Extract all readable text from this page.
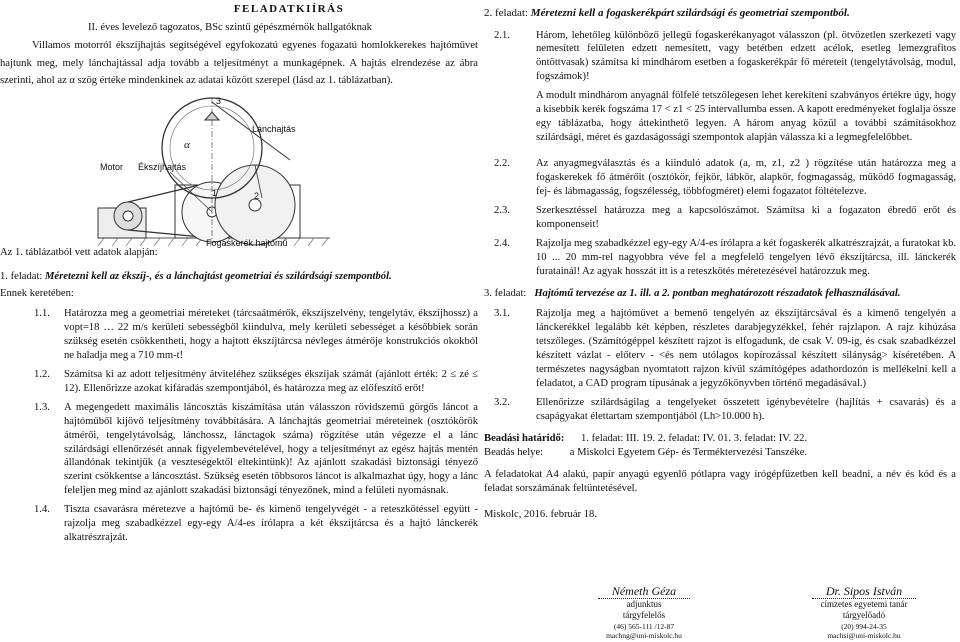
FELADATKIÍRÁS

II. éves levelező tagozatos, BSc szintű gépészmérnök hallgatóknak

Villamos motorról ékszíjhajtás segítségével egyfokozatú egyenes fogazatú homlokkerekes hajtóművet hajtunk meg, mely lánchajtással adja tovább a teljesítményt a munkagépnek. A hajtás elrendezése az ábra szerinti, ahol az α szög értéke mindenkinek az adatai között szerepel (lásd az 1. táblázatban).

3
α
Lánchajtás
Motor Ékszíjhajtás
1	2
Fogaskerék hajtómű

Az 1. táblázatból vett adatok alapján:

1. feladat: Méretezni kell az ékszíj-, és a lánchajtást geometriai és szilárdsági szempontból.

Ennek keretében:

1.1.	Határozza meg a geometriai méreteket (tárcsaátmérők, ékszíjszelvény, tengelytáv, ékszíjhossz) a vopt=18 … 22 m/s kerületi sebességből kiindulva, mely kerületi sebességet a későbbiek során szükség esetén csökkentheti, hogy a hajtott ékszíjtárcsa névleges átmérője konstrukciós okokból ne haladja meg a 710 mm-t!
1.2.	Számítsa ki az adott teljesítmény átviteléhez szükséges ékszíjak számát (ajánlott érték: 2 ≤ zé ≤ 12). Ellenőrizze azokat kifáradás szempontjából, és határozza meg az előfeszítő erőt!
1.3.	A megengedett maximális láncosztás kiszámítása után válasszon rövidszemű görgős láncot a hajtóműből kijövő teljesítmény továbbítására. A lánchajtás geometriai méreteinek (osztókörök átmérői, tengelytávolság, lánchossz, lánctagok száma) rögzítése után végezze el a lánc szilárdsági ellenőrzését annak figyelembevételével, hogy a teljesítményt az egész hajtás mentén állandónak tekintjük (a veszteségektől eltekintünk)! Az ajánlott szakadási biztonsági tényező szerint csökkentse a láncosztást. Szükség esetén többsoros láncot is alkalmazhat úgy, hogy a lánc feleljen meg mind az ajánlott szakadási biztonsági tényezőnek, mind a felületi nyomásnak.
1.4.	Tiszta csavarásra méretezve a hajtómű be- és kimenő tengelyvégét - a reteszkötéssel együtt - rajzolja meg szabadkézzel egy-egy A/4-es írólapra a két ékszíjtárcsa és a hajtó lánckerék alkatrészrajzát.

2. feladat: Méretezni kell a fogaskerékpárt szilárdsági és geometriai szempontból.

2.1.	Három, lehetőleg különböző jellegű fogaskerékanyagot válasszon (pl. ötvözetlen szerkezeti vagy nemesített felületen edzett nemesített, vagy betétben edzett acélok, esetleg lemezgrafitos öntöttvasak) számítsa ki mindhárom esetben a fogaskerékpár fő méreteit (tengelytávolság, modul, fogszámok)!
A modult mindhárom anyagnál fölfelé tetszőlegesen lehet kerekíteni szabványos értékre úgy, hogy a kisebbik kerék fogszáma 17 < z1 < 25 intervallumba essen. A kapott eredményeket foglalja össze egy táblázatba, hogy áttekinthető legyen. A három anyag közül a további számításokhoz szilárdsági, méret és gazdaságossági szempontok alapján válassza ki a legmegfelelőbbet.
2.2.	Az anyagmegválasztás és a kiinduló adatok (a, m, z1, z2 ) rögzítése után határozza meg a fogaskerekek fő átmérőit (osztókör, fejkör, lábkör, alapkör, fogmagasság, működő fogmagasság, fej- és lábmagasság, fogszélesség, többfogméret) elemi fogazatot föltételezve.
2.3.	Szerkesztéssel határozza meg a kapcsolószámot. Számítsa ki a fogazaton ébredő erőt és komponenseit!
2.4.	Rajzolja meg szabadkézzel egy-egy A/4-es írólapra a két fogaskerék alkatrészrajzát, a furatokat kb. 10 ... 20 mm-rel nagyobbra véve fel a megfelelő tengelyen lévő ékszíjtárcsa, ill. lánckerék furatainál! Az agyak hosszát itt is a reteszkötés méretezésével határozzuk meg.

3. feladat: Hajtómű tervezése az 1. ill. a 2. pontban meghatározott részadatok felhasználásával.

3.1.	Rajzolja meg a hajtóművet a bemenő tengelyén az ékszíjtárcsával és a kimenő tengelyén a lánckerékkel legalább két képben, részletes darabjegyzékkel, fehér rajzlapon. A rajz kihúzása tetszőleges. (Számítógéppel készített rajzot is elfogadunk, de csak V. 09-ig, és csak szabadkézzel készített vázlat - előterv - <és nem utólagos kopírozással készített silányság> kíséretében. A természetes nagyságban nyomtatott rajzon kívül számítógépes adathordozón is mellékelni kell a feladatot, a CAD program típusának a jegyzőkönyvben történő megadásával.)
3.2.	Ellenőrizze szilárdságilag a tengelyeket összetett igénybevételre (hajlítás + csavarás) és a csapágyakat élettartam szempontjából (Lh>10.000 h).

Beadási határidő: 1. feladat: III. 19. 2. feladat: IV. 01. 3. feladat: IV. 22.

Beadás helye:	a Miskolci Egyetem Gép- és Terméktervezési Tanszéke.

A feladatokat A4 alakú, papír anyagú egyenlő pótlapra vagy írógépfüzetben kell beadni, a név és kód és a feladat sorszámának feltüntetésével.

Miskolc, 2016. február 18.

Németh Géza
adjunktus
tárgyfelelős
(46) 565-111 /12-87
machng@uni-miskolc.hu
Dr. Sipos István
címzetes egyetemi tanár
tárgyelőadó
(20) 994-24-35
machsi@uni-miskolc.hu
